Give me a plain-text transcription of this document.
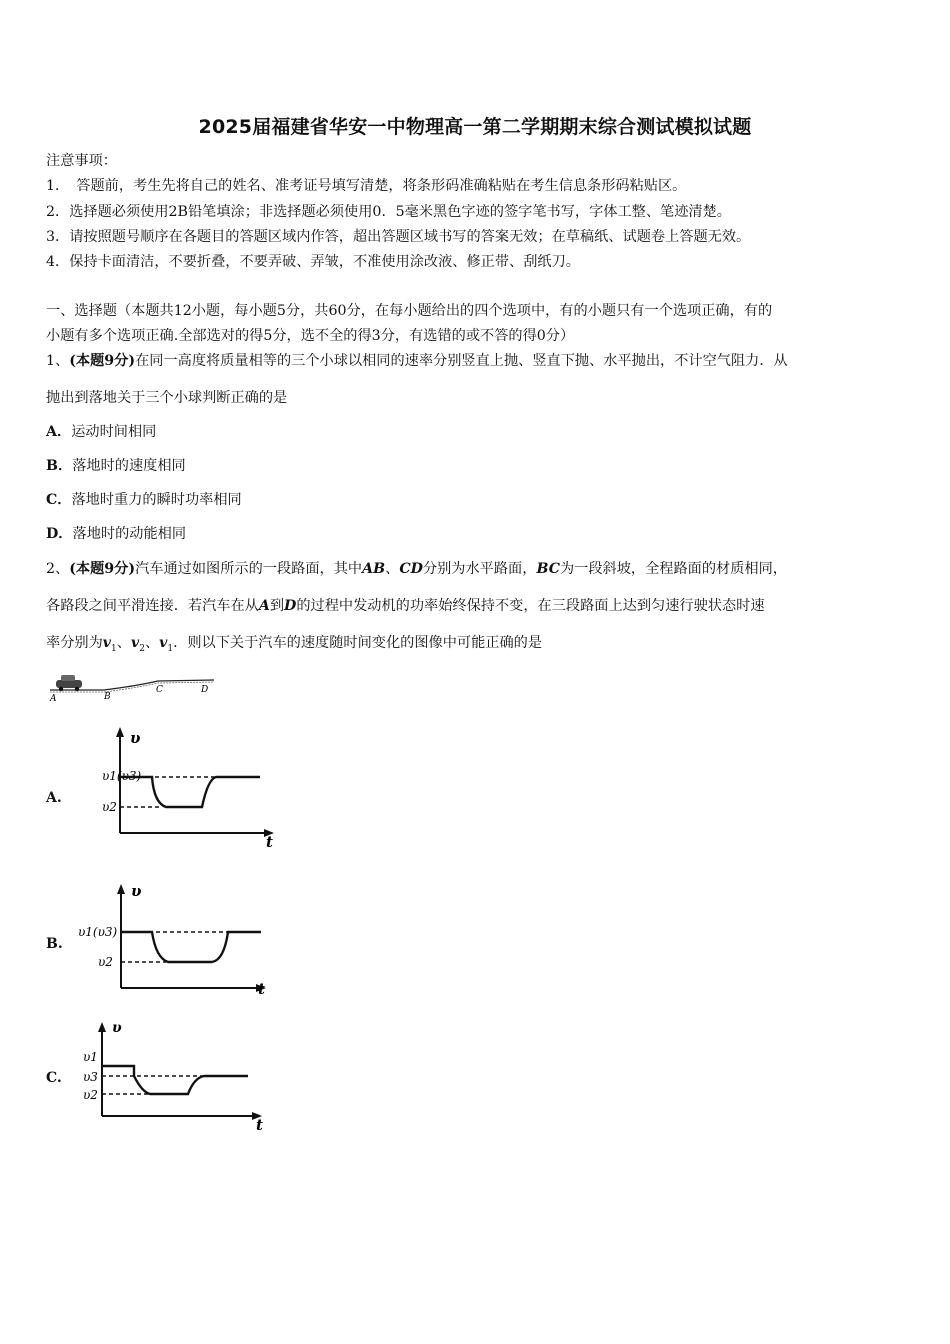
2025届福建省华安一中物理高一第二学期期末综合测试模拟试题
注意事项：
1．　答题前，考生先将自己的姓名、准考证号填写清楚，将条形码准确粘贴在考生信息条形码粘贴区。
2．选择题必须使用2B铅笔填涂；非选择题必须使用0．5毫米黑色字迹的签字笔书写，字体工整、笔迹清楚。
3．请按照题号顺序在各题目的答题区域内作答，超出答题区域书写的答案无效；在草稿纸、试题卷上答题无效。
4．保持卡面清洁，不要折叠，不要弄破、弄皱，不准使用涂改液、修正带、刮纸刀。
一、选择题（本题共12小题，每小题5分，共60分，在每小题给出的四个选项中，有的小题只有一个选项正确，有的
小题有多个选项正确.全部选对的得5分，选不全的得3分，有选错的或不答的得0分）
1、(本题9分)在同一高度将质量相等的三个小球以相同的速率分别竖直上抛、竖直下抛、水平抛出，不计空气阻力．从
抛出到落地关于三个小球判断正确的是
A．运动时间相同
B．落地时的速度相同
C．落地时重力的瞬时功率相同
D．落地时的动能相同
2、(本题9分)汽车通过如图所示的一段路面，其中AB、CD分别为水平路面，BC为一段斜坡，全程路面的材质相同，
各路段之间平滑连接．若汽车在从A到D的过程中发动机的功率始终保持不变，在三段路面上达到匀速行驶状态时速
率分别为$v_1$、$v_2$、$v_1$．则以下关于汽车的速度随时间变化的图像中可能正确的是
A	B
C	D
A.
υ
t
υ1(υ3)
υ2
B.
υ
t
υ1(υ3)
υ2
C.
υ
t
υ1
υ3
υ2
